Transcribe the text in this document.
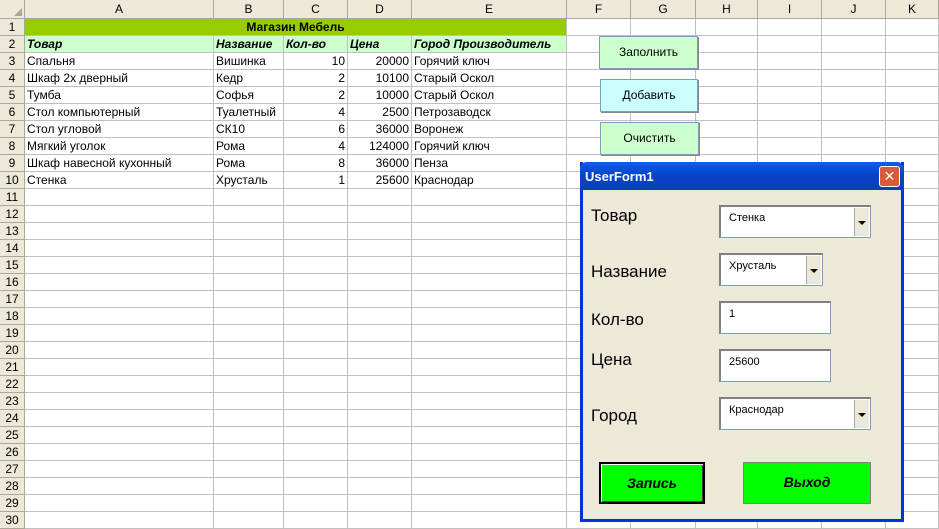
A	B	C	D	E	F	G	H	I	J	K
1
2 Товар	Название	Кол-во	Цена	Город Производитель
3 Спальня	Вишинка	10	20000 Горячий ключ
4 Шкаф 2х дверный	Кедр	2	10100 Старый Оскол
5 Тумба	Софья	2	10000 Старый Оскол
6 Стол компьютерный	Туалетный	4	2500 Петрозаводск
7 Стол угловой	СК10	6	36000 Воронеж
8 Мягкий уголок	Рома	4	124000 Горячий ключ
9 Шкаф навесной кухонный	Рома	8	36000 Пенза
10 Стенка	Хрусталь	1	25600 Краснодар
11
12
13
14
15
16
17
18
19
20
21
22
23
24
25
26
27
28
29
30
Магазин Мебель
Заполнить
Добавить
Очистить
UserForm1	✕
Товар	Стенка
Название	Хрусталь
Кол-во	1
Цена	25600
Город	Краснодар
Запись	Выход
